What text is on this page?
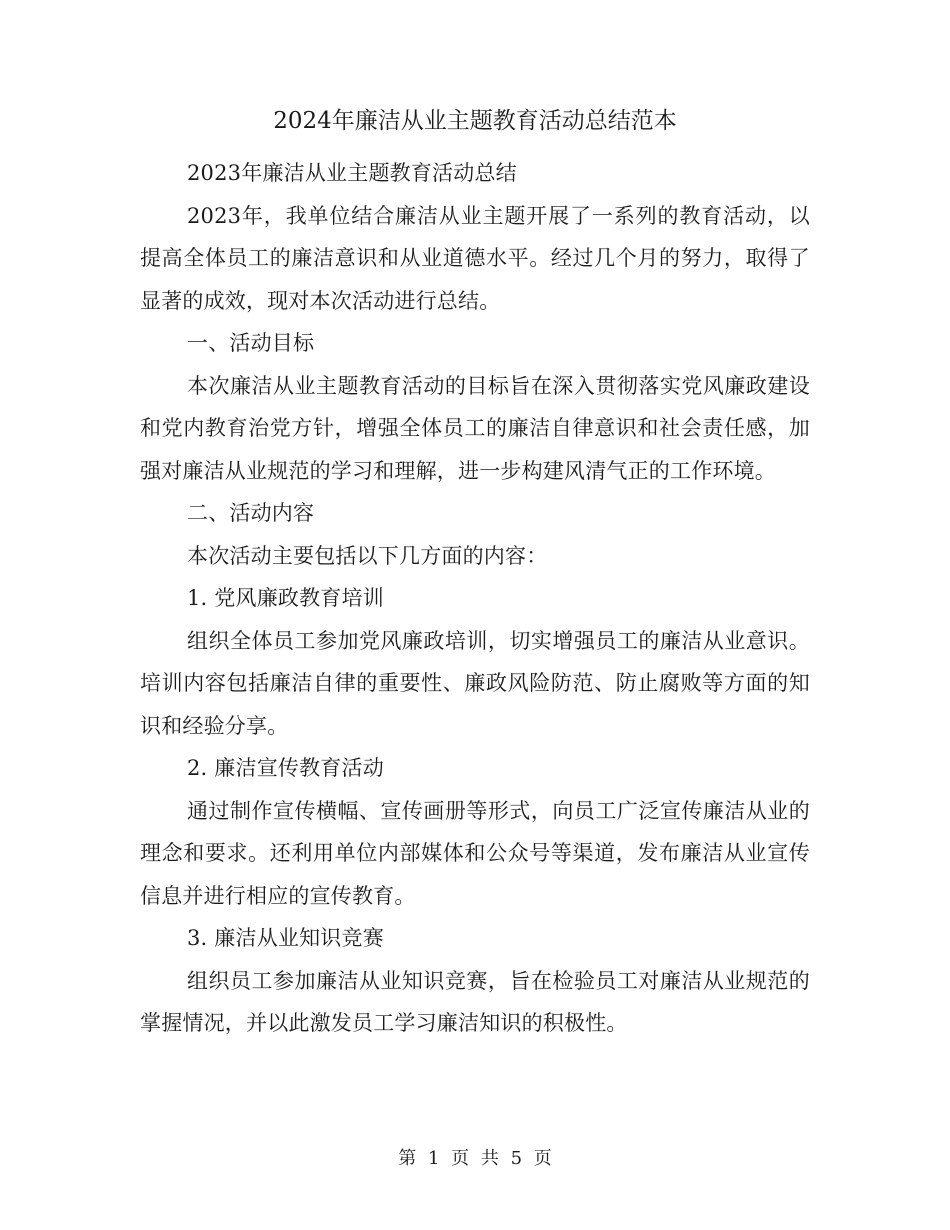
2024年廉洁从业主题教育活动总结范本

2023年廉洁从业主题教育活动总结

2023年，我单位结合廉洁从业主题开展了一系列的教育活动，以提高全体员工的廉洁意识和从业道德水平。经过几个月的努力，取得了显著的成效，现对本次活动进行总结。

一、活动目标

本次廉洁从业主题教育活动的目标旨在深入贯彻落实党风廉政建设和党内教育治党方针，增强全体员工的廉洁自律意识和社会责任感，加强对廉洁从业规范的学习和理解，进一步构建风清气正的工作环境。

二、活动内容

本次活动主要包括以下几方面的内容：

1. 党风廉政教育培训

组织全体员工参加党风廉政培训，切实增强员工的廉洁从业意识。培训内容包括廉洁自律的重要性、廉政风险防范、防止腐败等方面的知识和经验分享。

2. 廉洁宣传教育活动

通过制作宣传横幅、宣传画册等形式，向员工广泛宣传廉洁从业的理念和要求。还利用单位内部媒体和公众号等渠道，发布廉洁从业宣传信息并进行相应的宣传教育。

3. 廉洁从业知识竞赛

组织员工参加廉洁从业知识竞赛，旨在检验员工对廉洁从业规范的掌握情况，并以此激发员工学习廉洁知识的积极性。

第 1 页 共 5 页
